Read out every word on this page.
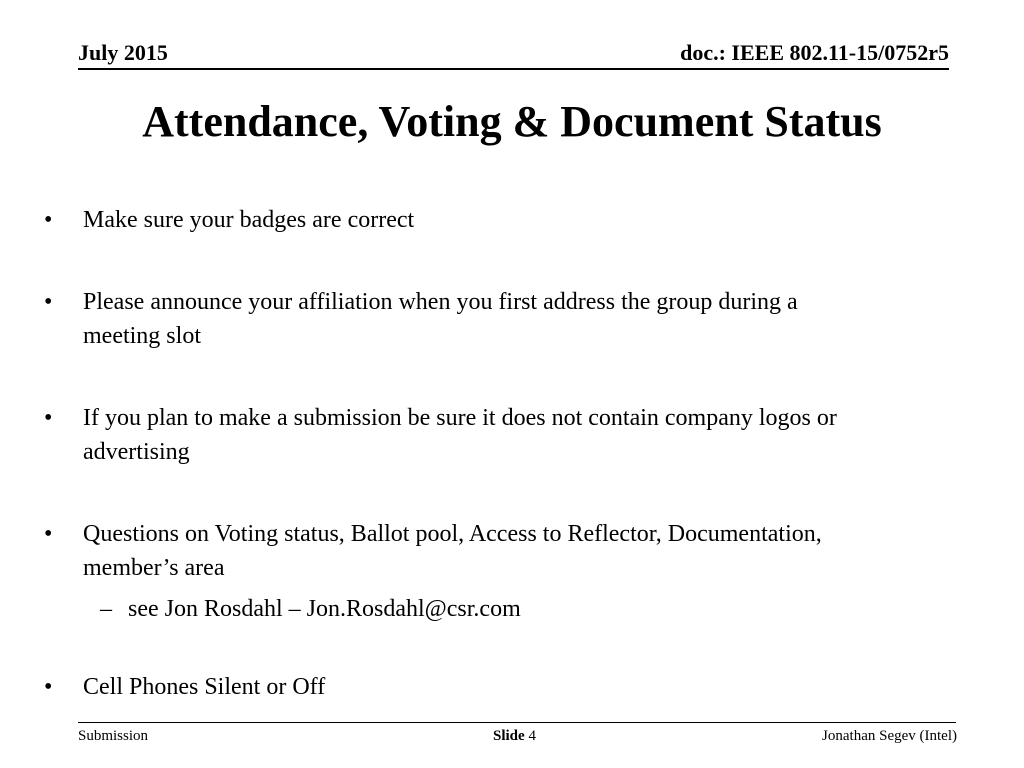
July 2015	doc.: IEEE 802.11-15/0752r5
Attendance, Voting & Document Status
•	Make sure your badges are correct
•	Please announce your affiliation when you first address the group during a
meeting slot
•	If you plan to make a submission be sure it does not contain company logos or
advertising
•	Questions on Voting status, Ballot pool, Access to Reflector, Documentation,
member’s area
– see Jon Rosdahl – Jon.Rosdahl@csr.com
•	Cell Phones Silent or Off
Submission	Slide 4	Jonathan Segev (Intel)
